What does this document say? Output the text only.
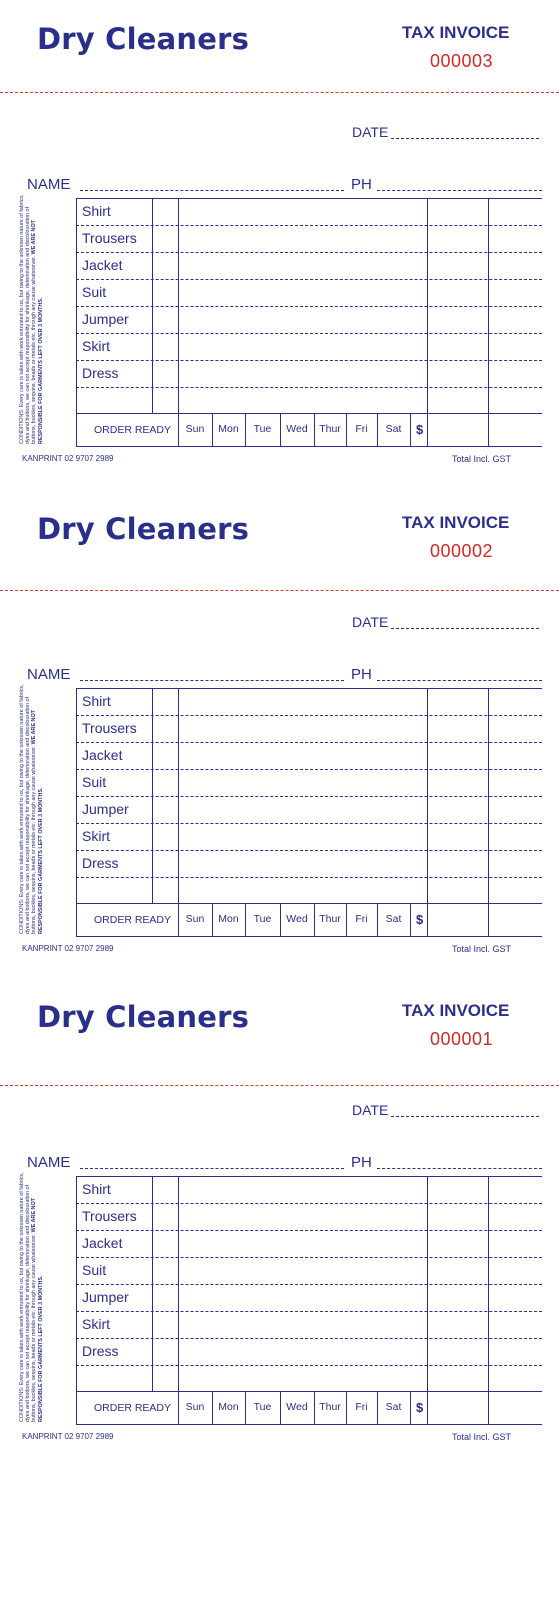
Dry Cleaners	TAX INVOICE
000003
DATE
NAME	PH
Shirt
Trousers
Jacket
Suit
Jumper
Skirt
Dress
ORDER READY	Sun	Mon	Tue	Wed	Thur	Fri	Sat	$
CONDITIONS: Every care is taken with work entrusted to us, but owing to the unknown nature of fabrics, dyes and buttons, we can not accept responsibility for shrinkage, deterioration and discolouration of buttons, buckles, sequins, beads or metals etc. through any cause whatsoever. WE ARE NOT RESPONSIBLE FOR GARMENTS LEFT OVER 3 MONTHS.
KANPRINT 02 9707 2989	Total Incl. GST
Dry Cleaners	TAX INVOICE
000002
DATE
NAME	PH
Shirt
Trousers
Jacket
Suit
Jumper
Skirt
Dress
ORDER READY	Sun	Mon	Tue	Wed	Thur	Fri	Sat	$
CONDITIONS: Every care is taken with work entrusted to us, but owing to the unknown nature of fabrics, dyes and buttons, we can not accept responsibility for shrinkage, deterioration and discolouration of buttons, buckles, sequins, beads or metals etc. through any cause whatsoever. WE ARE NOT RESPONSIBLE FOR GARMENTS LEFT OVER 3 MONTHS.
KANPRINT 02 9707 2989	Total Incl. GST
Dry Cleaners	TAX INVOICE
000001
DATE
NAME	PH
Shirt
Trousers
Jacket
Suit
Jumper
Skirt
Dress
ORDER READY	Sun	Mon	Tue	Wed	Thur	Fri	Sat	$
CONDITIONS: Every care is taken with work entrusted to us, but owing to the unknown nature of fabrics, dyes and buttons, we can not accept responsibility for shrinkage, deterioration and discolouration of buttons, buckles, sequins, beads or metals etc. through any cause whatsoever. WE ARE NOT RESPONSIBLE FOR GARMENTS LEFT OVER 3 MONTHS.
KANPRINT 02 9707 2989	Total Incl. GST
